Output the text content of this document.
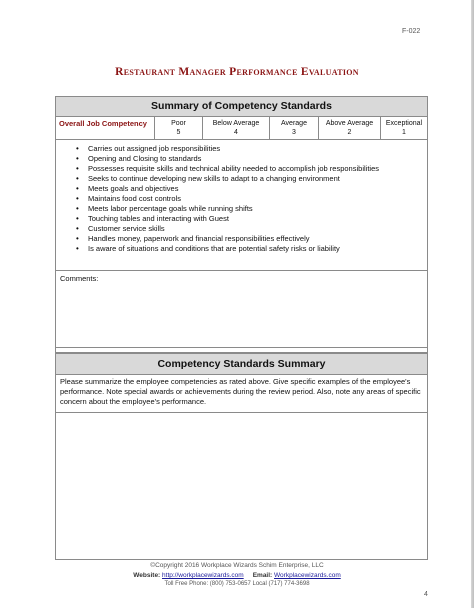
F-022
Restaurant Manager Performance Evaluation
Summary of Competency Standards
Overall Job Competency	Poor
5
Below Average
4
Average
3
Above Average
2
Exceptional
1
• Carries out assigned job responsibilities
• Opening and Closing to standards
• Possesses requisite skills and technical ability needed to accomplish job responsibilities
• Seeks to continue developing new skills to adapt to a changing environment
• Meets goals and objectives
• Maintains food cost controls
• Meets labor percentage goals while running shifts
• Touching tables and interacting with Guest
• Customer service skills
• Handles money, paperwork and financial responsibilities effectively
• Is aware of situations and conditions that are potential safety risks or liability
Comments:
Competency Standards Summary
Please summarize the employee competencies as rated above. Give specific examples of the employee's performance. Note special awards or achievements during the review period. Also, note any areas of specific concern about the employee's performance.
©Copyright 2016 Workplace Wizards Schim Enterprise, LLC
Website: http://workplacewizards.com Email: Workplacewizards.com
Toll Free Phone: (800) 753-0657 Local (717) 774-3698
4
